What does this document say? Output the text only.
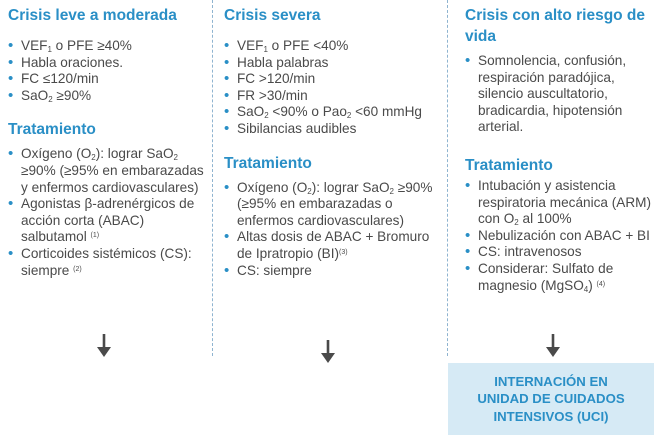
Crisis leve a moderada
• $VEF_1$ o PFE ≥40%
• Habla oraciones.
• FC ≤120/min
• SaO$_2$ ≥90%
Tratamiento
• Oxígeno $(O_2)$: lograr SaO$_2$ ≥90% (≥95% en embarazadas y enfermos cardiovasculares)
• Agonistas β-adrenérgicos de acción corta (ABAC) salbutamol $^{(1)}$
• Corticoides sistémicos (CS): siempre $^{(2)}$
Crisis severa
• $VEF_1$ o PFE <40%
• Habla palabras
• FC >120/min
• FR >30/min
• SaO$_2$ <90% o Pao$_2$ <60 mmHg
• Sibilancias audibles
Tratamiento
• Oxígeno $(O_2)$: lograr SaO$_2$ ≥90% (≥95% en embarazadas o enfermos cardiovasculares)
• Altas dosis de ABAC + Bromuro de Ipratropio (BI)$^{(3)}$
• CS: siempre
Crisis con alto riesgo de vida
• Somnolencia, confusión, respiración paradójica, silencio auscultatorio, bradicardia, hipotensión arterial.
Tratamiento
• Intubación y asistencia respiratoria mecánica (ARM) con $O_2$ al 100%
• Nebulización con ABAC + BI
• CS: intravenosos
• Considerar: Sulfato de magnesio (MgSO$_4$) $^{(4)}$
INTERNACIÓN EN
UNIDAD DE CUIDADOS
INTENSIVOS (UCI)
